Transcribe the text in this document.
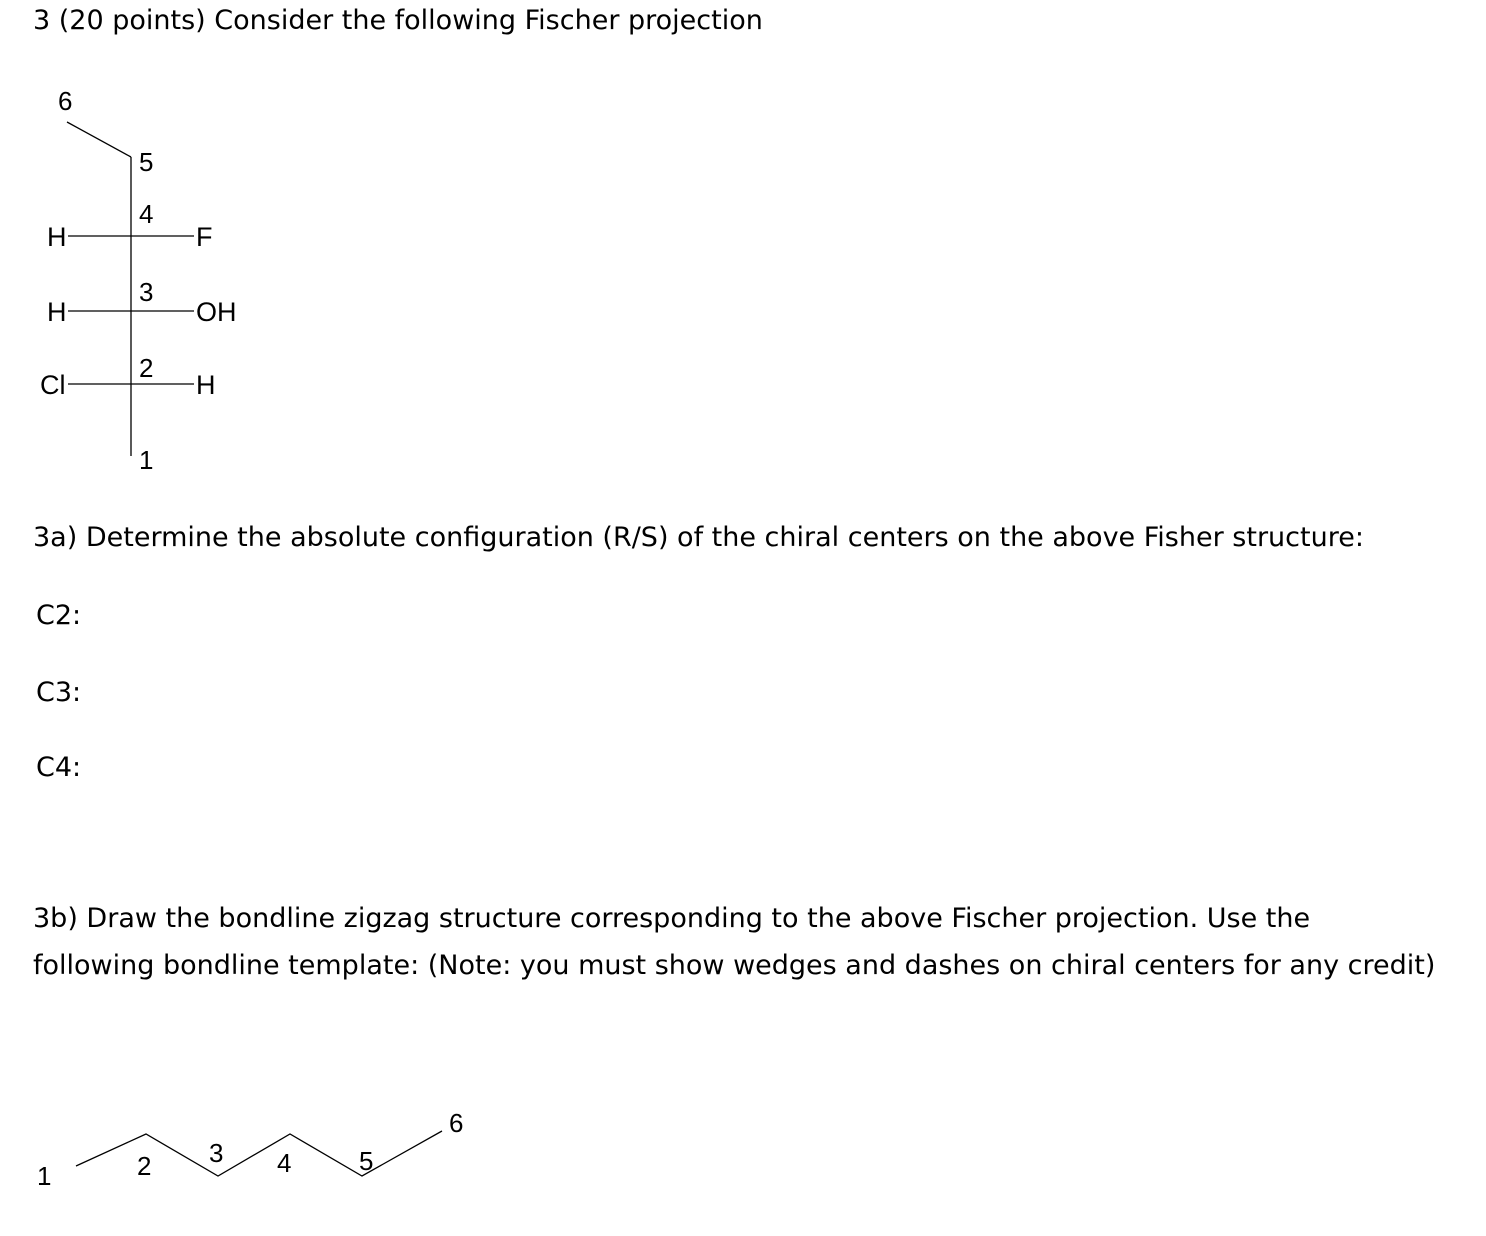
3 (20 points) Consider the following Fischer projection

6
5
4
3
2
1
H	F
H	OH
Cl	H

3a) Determine the absolute configuration (R/S) of the chiral centers on the above Fisher structure:

C2:

C3:

C4:

3b) Draw the bondline zigzag structure corresponding to the above Fischer projection. Use the

following bondline template: (Note: you must show wedges and dashes on chiral centers for any credit)

1	2 3 4	5
6
